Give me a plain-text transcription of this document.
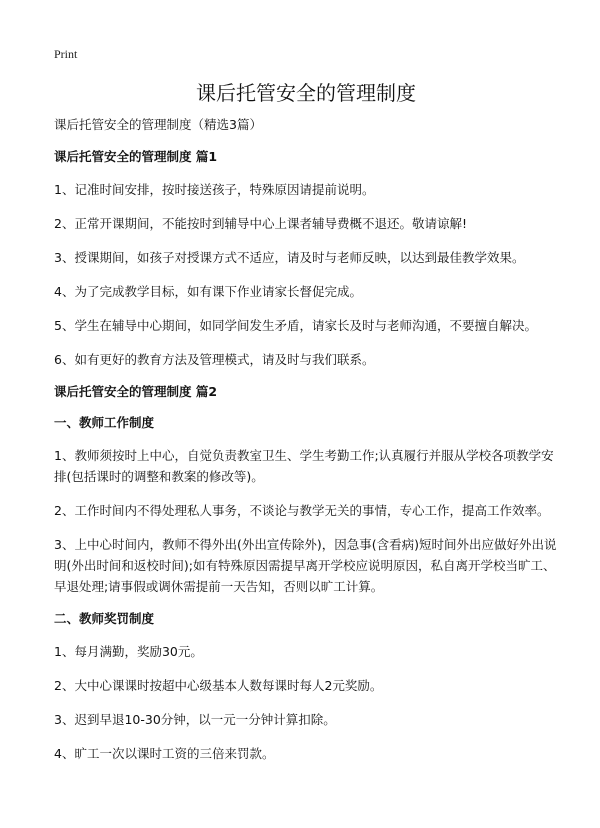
Print
课后托管安全的管理制度

课后托管安全的管理制度（精选3篇）

课后托管安全的管理制度 篇1

1、记准时间安排，按时接送孩子，特殊原因请提前说明。

2、正常开课期间，不能按时到辅导中心上课者辅导费概不退还。敬请谅解!

3、授课期间，如孩子对授课方式不适应，请及时与老师反映，以达到最佳教学效果。

4、为了完成教学目标，如有课下作业请家长督促完成。

5、学生在辅导中心期间，如同学间发生矛盾，请家长及时与老师沟通，不要擅自解决。

6、如有更好的教育方法及管理模式，请及时与我们联系。

课后托管安全的管理制度 篇2

一、教师工作制度

1、教师须按时上中心，自觉负责教室卫生、学生考勤工作;认真履行并服从学校各项教学安排(包括课时的调整和教案的修改等)。

2、工作时间内不得处理私人事务，不谈论与教学无关的事情，专心工作，提高工作效率。

3、上中心时间内，教师不得外出(外出宣传除外)，因急事(含看病)短时间外出应做好外出说明(外出时间和返校时间);如有特殊原因需提早离开学校应说明原因，私自离开学校当旷工、早退处理;请事假或调休需提前一天告知，否则以旷工计算。

二、教师奖罚制度

1、每月满勤，奖励30元。

2、大中心课课时按超中心级基本人数每课时每人2元奖励。

3、迟到早退10-30分钟，以一元一分钟计算扣除。

4、旷工一次以课时工资的三倍来罚款。
